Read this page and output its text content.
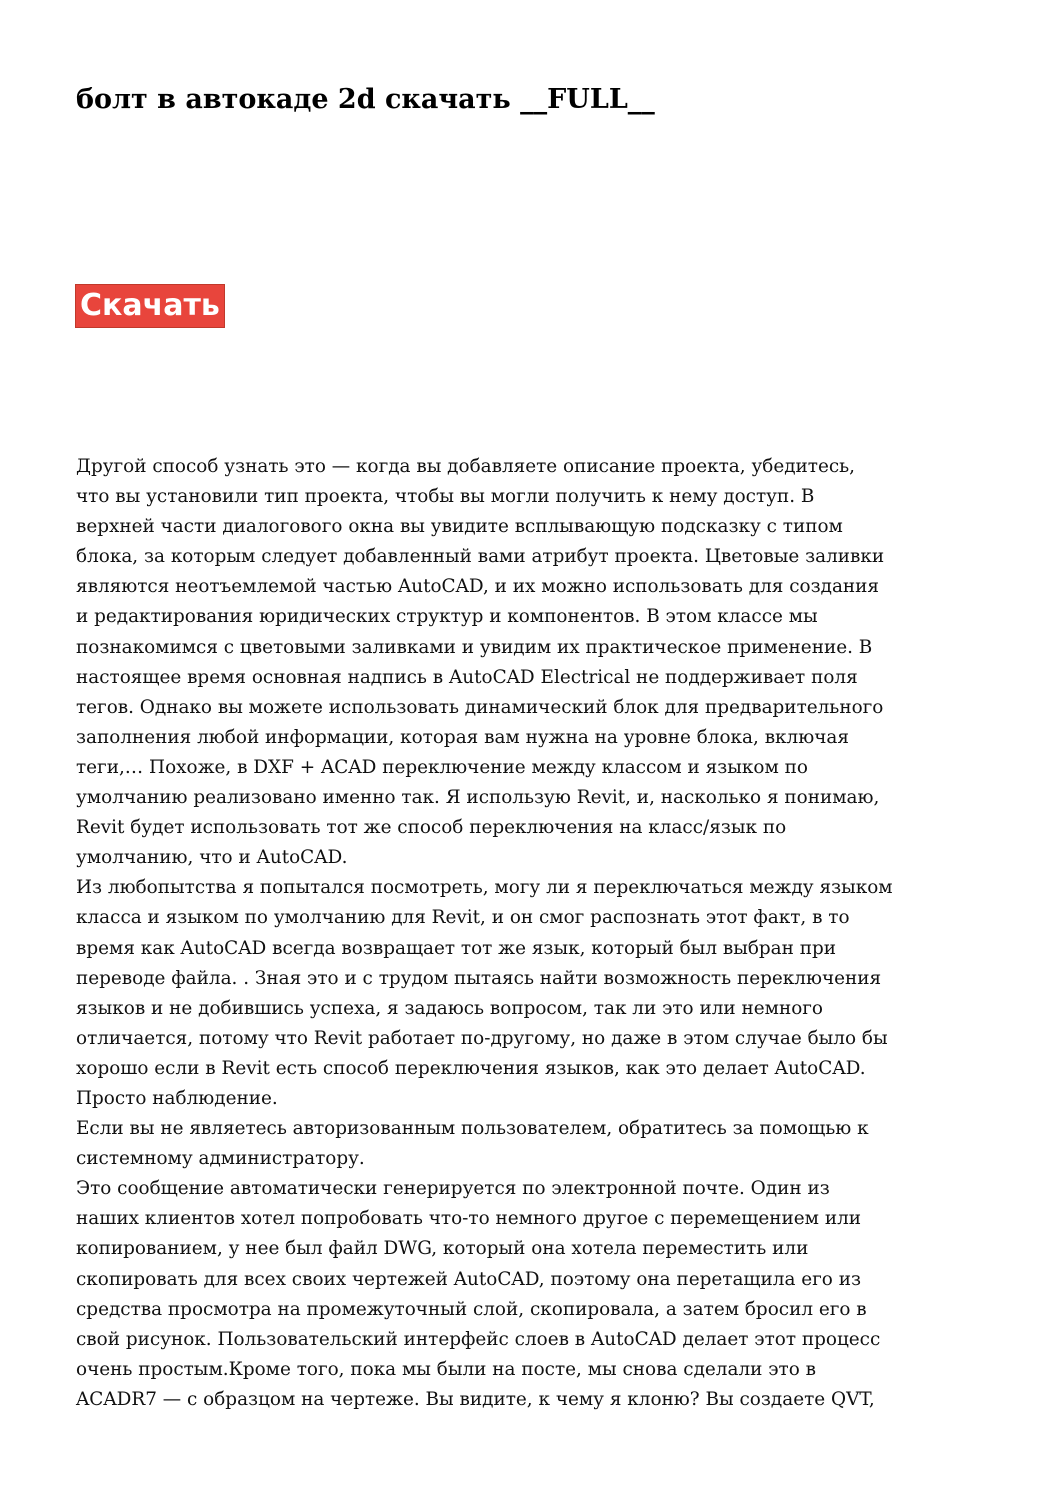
болт в автокаде 2d скачать __FULL__
Скачать

Другой способ узнать это — когда вы добавляете описание проекта, убедитесь,
что вы установили тип проекта, чтобы вы могли получить к нему доступ. В
верхней части диалогового окна вы увидите всплывающую подсказку с типом
блока, за которым следует добавленный вами атрибут проекта. Цветовые заливки
являются неотъемлемой частью AutoCAD, и их можно использовать для создания
и редактирования юридических структур и компонентов. В этом классе мы
познакомимся с цветовыми заливками и увидим их практическое применение. В
настоящее время основная надпись в AutoCAD Electrical не поддерживает поля
тегов. Однако вы можете использовать динамический блок для предварительного
заполнения любой информации, которая вам нужна на уровне блока, включая
теги,… Похоже, в DXF + ACAD переключение между классом и языком по
умолчанию реализовано именно так. Я использую Revit, и, насколько я понимаю,
Revit будет использовать тот же способ переключения на класс/язык по
умолчанию, что и AutoCAD.

Из любопытства я попытался посмотреть, могу ли я переключаться между языком
класса и языком по умолчанию для Revit, и он смог распознать этот факт, в то
время как AutoCAD всегда возвращает тот же язык, который был выбран при
переводе файла. . Зная это и с трудом пытаясь найти возможность переключения
языков и не добившись успеха, я задаюсь вопросом, так ли это или немного
отличается, потому что Revit работает по-другому, но даже в этом случае было бы
хорошо если в Revit есть способ переключения языков, как это делает AutoCAD.
Просто наблюдение.

Если вы не являетесь авторизованным пользователем, обратитесь за помощью к
системному администратору.

Это сообщение автоматически генерируется по электронной почте. Один из
наших клиентов хотел попробовать что-то немного другое с перемещением или
копированием, у нее был файл DWG, который она хотела переместить или
скопировать для всех своих чертежей AutoCAD, поэтому она перетащила его из
средства просмотра на промежуточный слой, скопировала, а затем бросил его в
свой рисунок. Пользовательский интерфейс слоев в AutoCAD делает этот процесс
очень простым.Кроме того, пока мы были на посте, мы снова сделали это в
ACADR7 — с образцом на чертеже. Вы видите, к чему я клоню? Вы создаете QVT,
